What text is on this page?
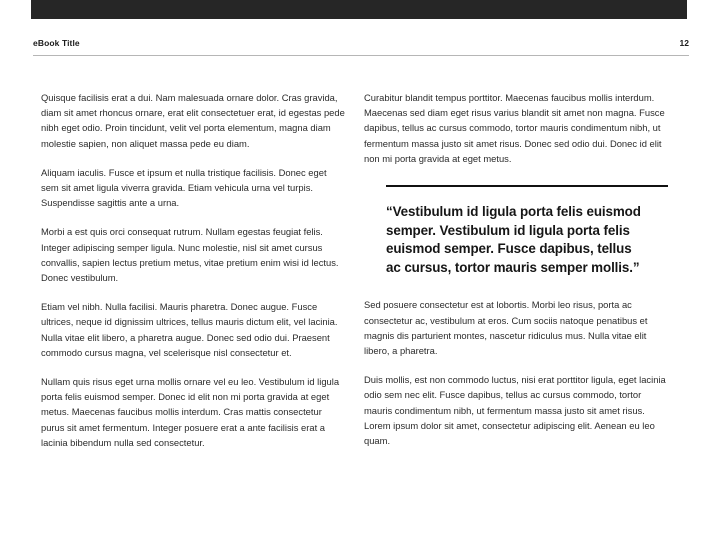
eBook Title	12

Quisque facilisis erat a dui. Nam malesuada ornare dolor. Cras gravida, diam sit amet rhoncus ornare, erat elit consectetuer erat, id egestas pede nibh eget odio. Proin tincidunt, velit vel porta elementum, magna diam molestie sapien, non aliquet massa pede eu diam.

Aliquam iaculis. Fusce et ipsum et nulla tristique facilisis. Donec eget sem sit amet ligula viverra gravida. Etiam vehicula urna vel turpis. Suspendisse sagittis ante a urna.

Morbi a est quis orci consequat rutrum. Nullam egestas feugiat felis. Integer adipiscing semper ligula. Nunc molestie, nisl sit amet cursus convallis, sapien lectus pretium metus, vitae pretium enim wisi id lectus. Donec vestibulum.

Etiam vel nibh. Nulla facilisi. Mauris pharetra. Donec augue. Fusce ultrices, neque id dignissim ultrices, tellus mauris dictum elit, vel lacinia. Nulla vitae elit libero, a pharetra augue. Donec sed odio dui. Praesent commodo cursus magna, vel scelerisque nisl consectetur et.

Nullam quis risus eget urna mollis ornare vel eu leo. Vestibulum id ligula porta felis euismod semper. Donec id elit non mi porta gravida at eget metus. Maecenas faucibus mollis interdum. Cras mattis consectetur purus sit amet fermentum. Integer posuere erat a ante facilisis erat a lacinia bibendum nulla sed consectetur.

Curabitur blandit tempus porttitor. Maecenas faucibus mollis interdum. Maecenas sed diam eget risus varius blandit sit amet non magna. Fusce dapibus, tellus ac cursus commodo, tortor mauris condimentum nibh, ut fermentum massa justo sit amet risus. Donec sed odio dui. Donec id elit non mi porta gravida at eget metus.

“Vestibulum id ligula porta felis euismod semper. Vestibulum id ligula porta felis euismod semper. Fusce dapibus, tellus ac cursus, tortor mauris semper mollis.”

Sed posuere consectetur est at lobortis. Morbi leo risus, porta ac consectetur ac, vestibulum at eros. Cum sociis natoque penatibus et magnis dis parturient montes, nascetur ridiculus mus. Nulla vitae elit libero, a pharetra.

Duis mollis, est non commodo luctus, nisi erat porttitor ligula, eget lacinia odio sem nec elit. Fusce dapibus, tellus ac cursus commodo, tortor mauris condimentum nibh, ut fermentum massa justo sit amet risus. Lorem ipsum dolor sit amet, consectetur adipiscing elit. Aenean eu leo quam.
